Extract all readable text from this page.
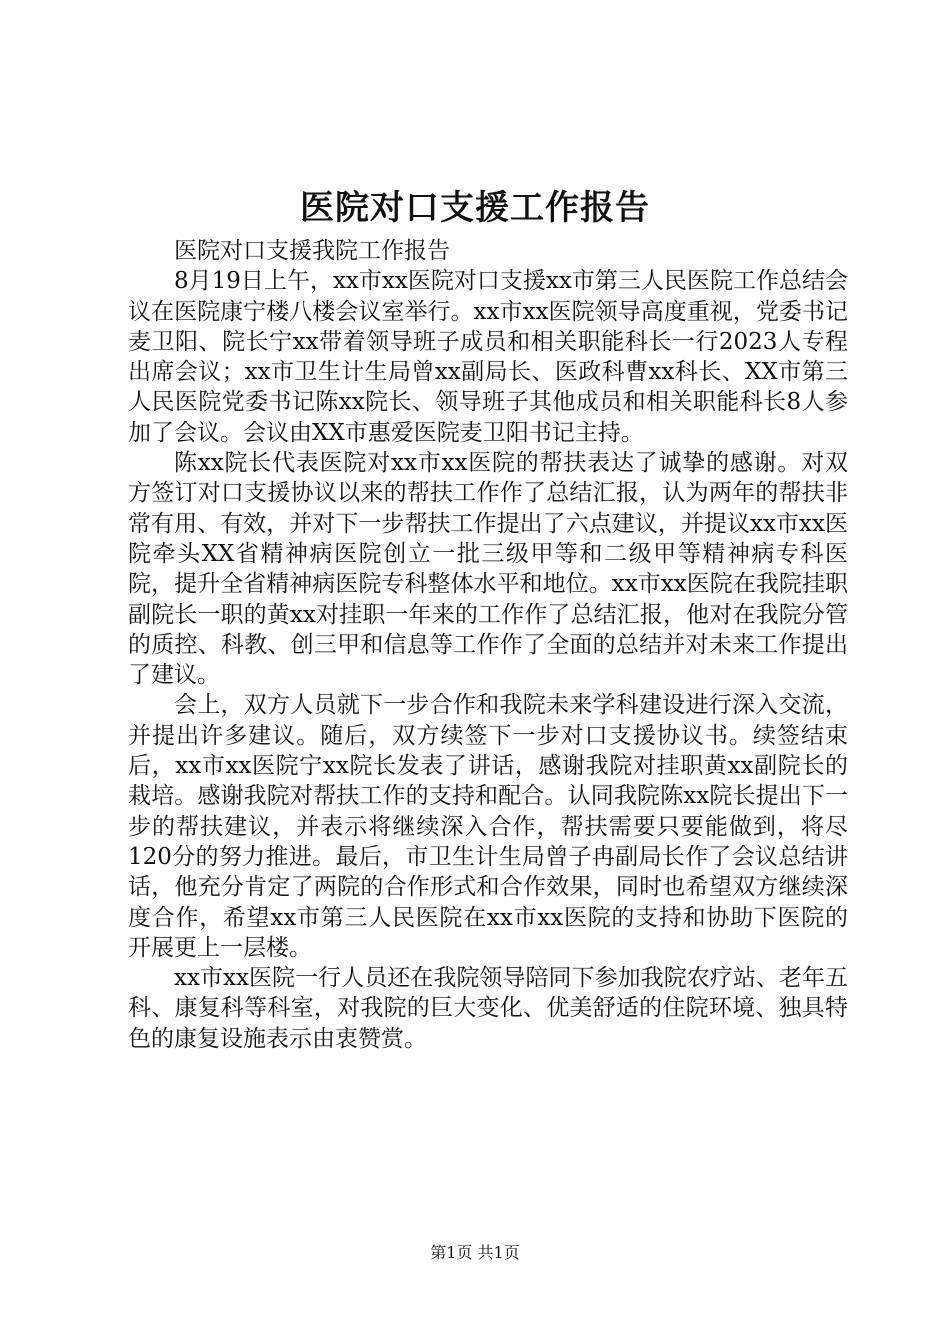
医院对口支援工作报告

医院对口支援我院工作报告

8月19日上午，xx市xx医院对口支援xx市第三人民医院工作总结会议在医院康宁楼八楼会议室举行。xx市xx医院领导高度重视，党委书记麦卫阳、院长宁xx带着领导班子成员和相关职能科长一行2023人专程出席会议；xx市卫生计生局曾xx副局长、医政科曹xx科长、XX市第三人民医院党委书记陈xx院长、领导班子其他成员和相关职能科长8人参加了会议。会议由XX市惠爱医院麦卫阳书记主持。

陈xx院长代表医院对xx市xx医院的帮扶表达了诚挚的感谢。对双方签订对口支援协议以来的帮扶工作作了总结汇报，认为两年的帮扶非常有用、有效，并对下一步帮扶工作提出了六点建议，并提议xx市xx医院牵头XX省精神病医院创立一批三级甲等和二级甲等精神病专科医院，提升全省精神病医院专科整体水平和地位。xx市xx医院在我院挂职副院长一职的黄xx对挂职一年来的工作作了总结汇报，他对在我院分管的质控、科教、创三甲和信息等工作作了全面的总结并对未来工作提出了建议。

会上，双方人员就下一步合作和我院未来学科建设进行深入交流，并提出许多建议。随后，双方续签下一步对口支援协议书。续签结束后，xx市xx医院宁xx院长发表了讲话，感谢我院对挂职黄xx副院长的栽培。感谢我院对帮扶工作的支持和配合。认同我院陈xx院长提出下一步的帮扶建议，并表示将继续深入合作，帮扶需要只要能做到，将尽120分的努力推进。最后，市卫生计生局曾子冉副局长作了会议总结讲话，他充分肯定了两院的合作形式和合作效果，同时也希望双方继续深度合作，希望xx市第三人民医院在xx市xx医院的支持和协助下医院的开展更上一层楼。

xx市xx医院一行人员还在我院领导陪同下参加我院农疗站、老年五科、康复科等科室，对我院的巨大变化、优美舒适的住院环境、独具特色的康复设施表示由衷赞赏。

第1页 共1页
